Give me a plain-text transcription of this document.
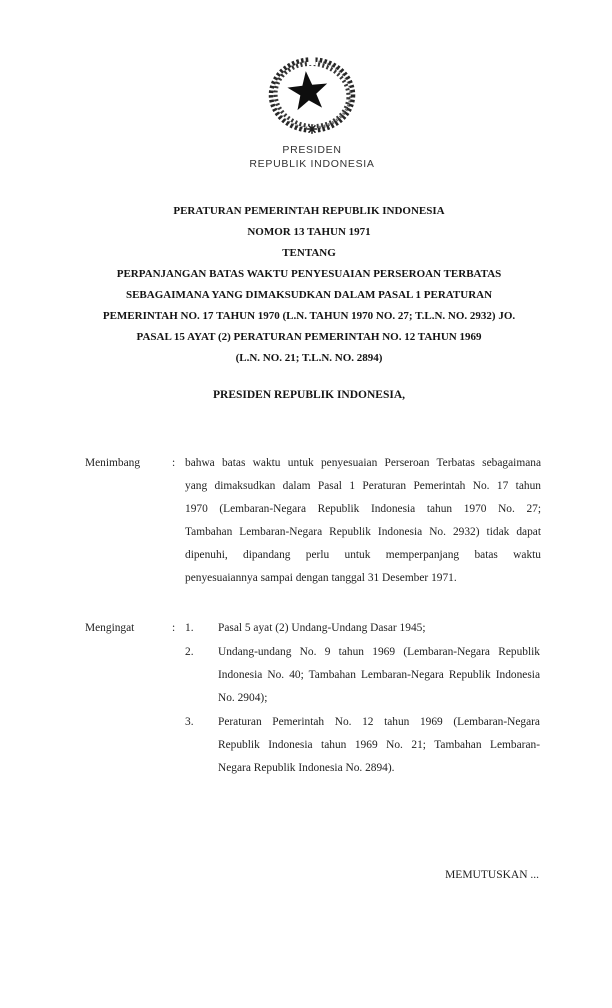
PRESIDEN
REPUBLIK INDONESIA
PERATURAN PEMERINTAH REPUBLIK INDONESIA
NOMOR 13 TAHUN 1971
TENTANG
PERPANJANGAN BATAS WAKTU PENYESUAIAN PERSEROAN TERBATAS
SEBAGAIMANA YANG DIMAKSUDKAN DALAM PASAL 1 PERATURAN
PEMERINTAH NO. 17 TAHUN 1970 (L.N. TAHUN 1970 NO. 27; T.L.N. NO. 2932) JO.
PASAL 15 AYAT (2) PERATURAN PEMERINTAH NO. 12 TAHUN 1969
(L.N. NO. 21; T.L.N. NO. 2894)
PRESIDEN REPUBLIK INDONESIA,
Menimbang	: bahwa batas waktu untuk penyesuaian Perseroan Terbatas sebagaimana
yang dimaksudkan dalam Pasal 1 Peraturan Pemerintah No. 17 tahun
1970 (Lembaran-Negara Republik Indonesia tahun 1970 No. 27;
Tambahan Lembaran-Negara Republik Indonesia No. 2932) tidak dapat
dipenuhi, dipandang perlu untuk memperpanjang batas waktu
penyesuaiannya sampai dengan tanggal 31 Desember 1971.
Mengingat	: 1. Pasal 5 ayat (2) Undang-Undang Dasar 1945;
2. Undang-undang No. 9 tahun 1969 (Lembaran-Negara Republik
Indonesia No. 40; Tambahan Lembaran-Negara Republik Indonesia
No. 2904);
3. Peraturan Pemerintah No. 12 tahun 1969 (Lembaran-Negara
Republik Indonesia tahun 1969 No. 21; Tambahan Lembaran-
Negara Republik Indonesia No. 2894).
MEMUTUSKAN ...
